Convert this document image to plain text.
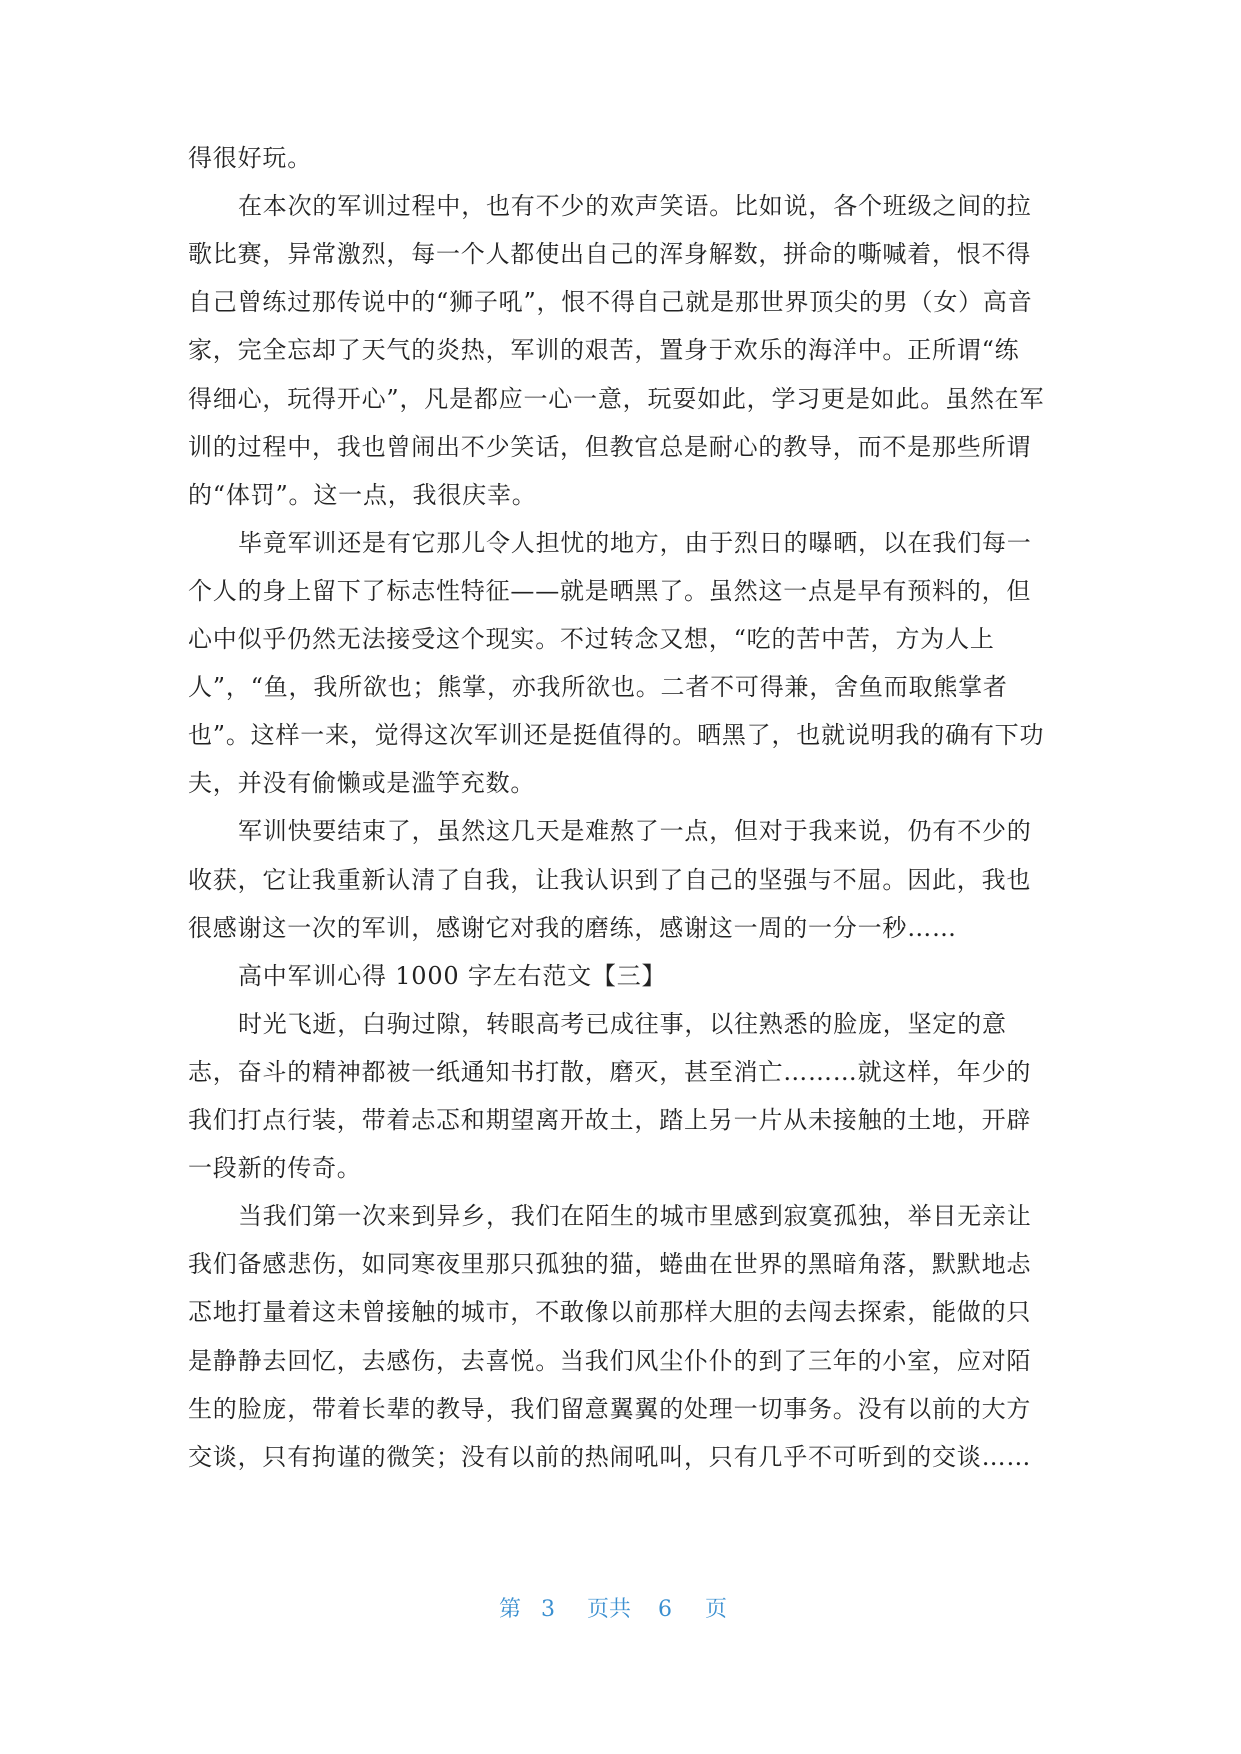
得很好玩。
在本次的军训过程中，也有不少的欢声笑语。比如说，各个班级之间的拉
歌比赛，异常激烈，每一个人都使出自己的浑身解数，拼命的嘶喊着，恨不得
自己曾练过那传说中的“狮子吼”，恨不得自己就是那世界顶尖的男（女）高音
家，完全忘却了天气的炎热，军训的艰苦，置身于欢乐的海洋中。正所谓“练
得细心，玩得开心”，凡是都应一心一意，玩耍如此，学习更是如此。虽然在军
训的过程中，我也曾闹出不少笑话，但教官总是耐心的教导，而不是那些所谓
的“体罚”。这一点，我很庆幸。
毕竟军训还是有它那儿令人担忧的地方，由于烈日的曝晒，以在我们每一
个人的身上留下了标志性特征——就是晒黑了。虽然这一点是早有预料的，但
心中似乎仍然无法接受这个现实。不过转念又想，“吃的苦中苦，方为人上
人”，“鱼，我所欲也；熊掌，亦我所欲也。二者不可得兼，舍鱼而取熊掌者
也”。这样一来，觉得这次军训还是挺值得的。晒黑了，也就说明我的确有下功
夫，并没有偷懒或是滥竽充数。
军训快要结束了，虽然这几天是难熬了一点，但对于我来说，仍有不少的
收获，它让我重新认清了自我，让我认识到了自己的坚强与不屈。因此，我也
很感谢这一次的军训，感谢它对我的磨练，感谢这一周的一分一秒……
高中军训心得 1000 字左右范文【三】
时光飞逝，白驹过隙，转眼高考已成往事，以往熟悉的脸庞，坚定的意
志，奋斗的精神都被一纸通知书打散，磨灭，甚至消亡………就这样，年少的
我们打点行装，带着忐忑和期望离开故土，踏上另一片从未接触的土地，开辟
一段新的传奇。
当我们第一次来到异乡，我们在陌生的城市里感到寂寞孤独，举目无亲让
我们备感悲伤，如同寒夜里那只孤独的猫，蜷曲在世界的黑暗角落，默默地忐
忑地打量着这未曾接触的城市，不敢像以前那样大胆的去闯去探索，能做的只
是静静去回忆，去感伤，去喜悦。当我们风尘仆仆的到了三年的小室，应对陌
生的脸庞，带着长辈的教导，我们留意翼翼的处理一切事务。没有以前的大方
交谈，只有拘谨的微笑；没有以前的热闹吼叫，只有几乎不可听到的交谈……
第 3 页共 6 页
